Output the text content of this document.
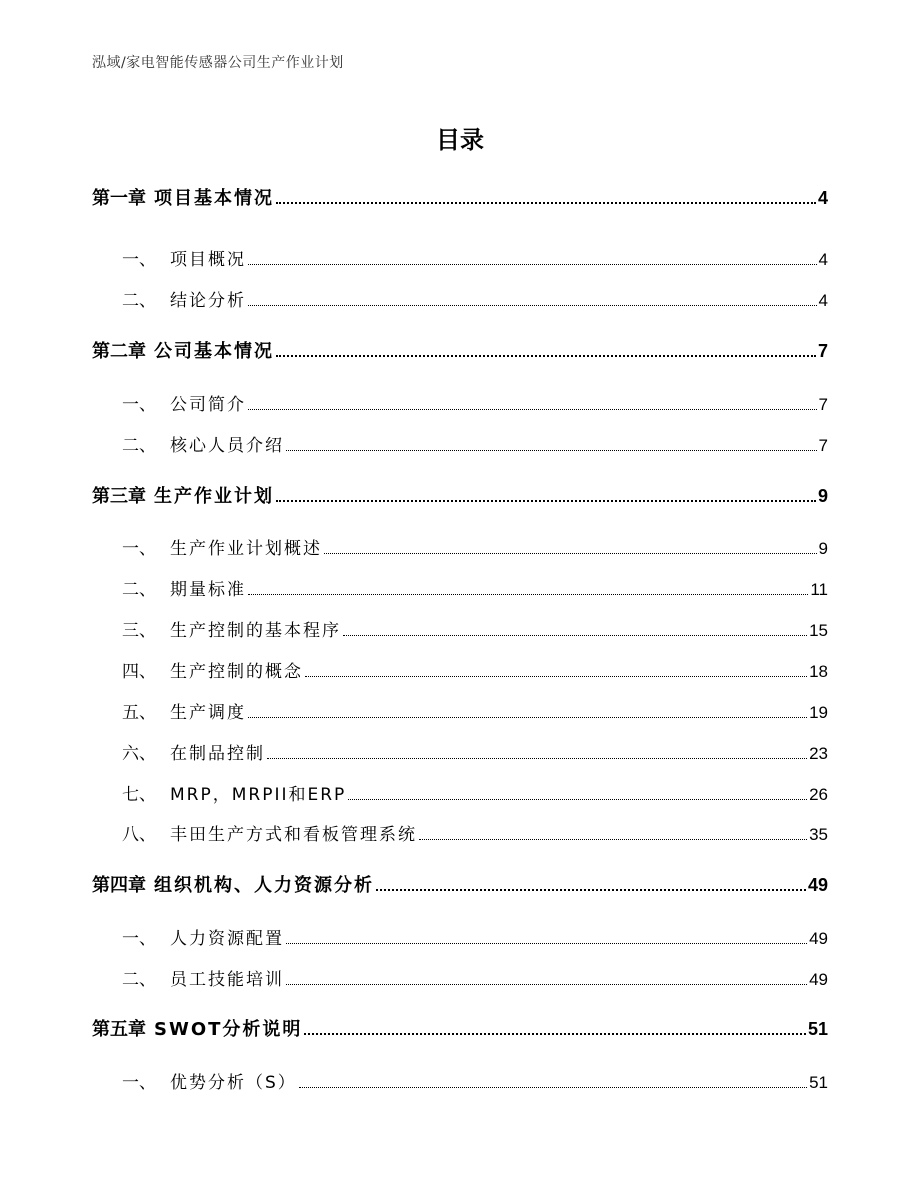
泓域/家电智能传感器公司生产作业计划
目录
第一章 项目基本情况	4
一、 项目概况	4
二、 结论分析	4
第二章 公司基本情况	7
一、 公司简介	7
二、 核心人员介绍	7
第三章 生产作业计划	9
一、 生产作业计划概述	9
二、 期量标准	11
三、 生产控制的基本程序	15
四、 生产控制的概念	18
五、 生产调度	19
六、 在制品控制	23
七、 MRP，MRPII和ERP	26
八、 丰田生产方式和看板管理系统	35
第四章 组织机构、人力资源分析	49
一、 人力资源配置	49
二、 员工技能培训	49
第五章 SWOT分析说明	51
一、 优势分析（S）	51
